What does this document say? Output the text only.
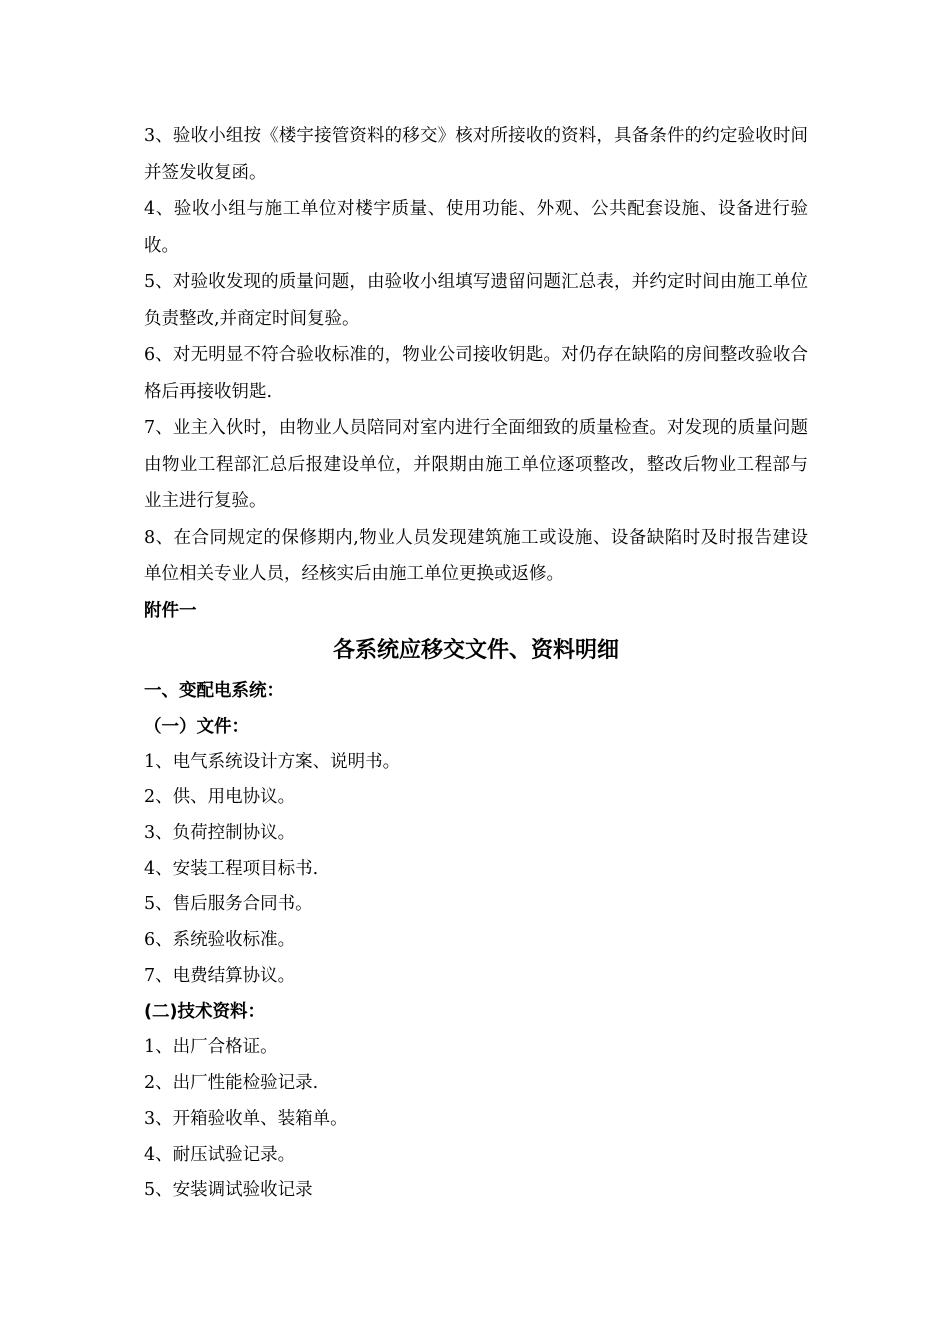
3、验收小组按《楼宇接管资料的移交》核对所接收的资料，具备条件的约定验收时间并签发收复函。

4、验收小组与施工单位对楼宇质量、使用功能、外观、公共配套设施、设备进行验收。

5、对验收发现的质量问题，由验收小组填写遗留问题汇总表，并约定时间由施工单位负责整改,并商定时间复验。

6、对无明显不符合验收标准的，物业公司接收钥匙。对仍存在缺陷的房间整改验收合格后再接收钥匙.

7、业主入伙时，由物业人员陪同对室内进行全面细致的质量检查。对发现的质量问题由物业工程部汇总后报建设单位，并限期由施工单位逐项整改，整改后物业工程部与业主进行复验。

8、在合同规定的保修期内,物业人员发现建筑施工或设施、设备缺陷时及时报告建设单位相关专业人员，经核实后由施工单位更换或返修。

附件一

各系统应移交文件、资料明细

一、变配电系统：

（一）文件：

1、电气系统设计方案、说明书。

2、供、用电协议。

3、负荷控制协议。

4、安装工程项目标书.

5、售后服务合同书。

6、系统验收标准。

7、电费结算协议。

(二)技术资料：

1、出厂合格证。

2、出厂性能检验记录.

3、开箱验收单、装箱单。

4、耐压试验记录。

5、安装调试验收记录
